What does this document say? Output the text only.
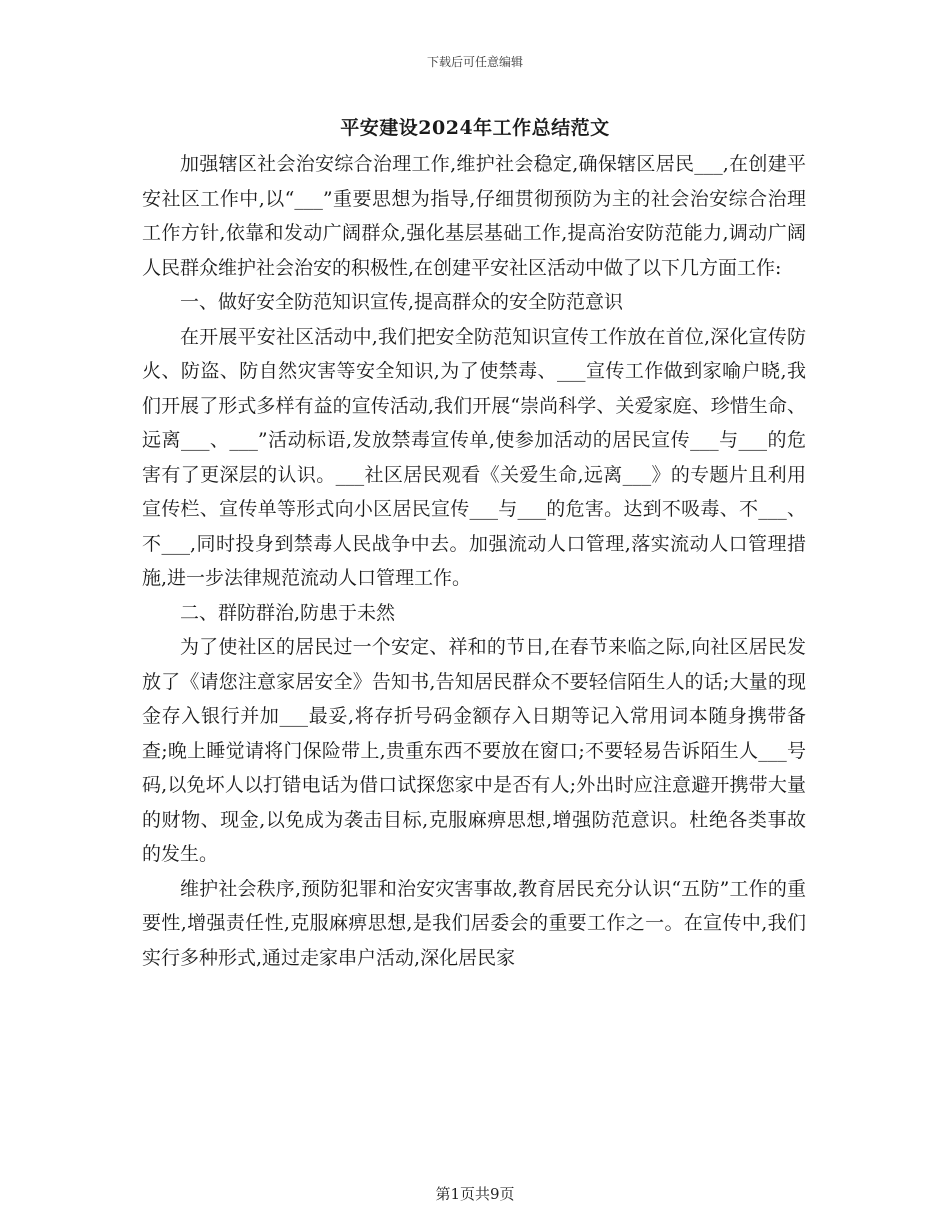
下载后可任意编辑
平安建设2024年工作总结范文

加强辖区社会治安综合治理工作,维护社会稳定,确保辖区居民___,在创建平安社区工作中,以“___”重要思想为指导,仔细贯彻预防为主的社会治安综合治理工作方针,依靠和发动广阔群众,强化基层基础工作,提高治安防范能力,调动广阔人民群众维护社会治安的积极性,在创建平安社区活动中做了以下几方面工作:

一、做好安全防范知识宣传,提高群众的安全防范意识

在开展平安社区活动中,我们把安全防范知识宣传工作放在首位,深化宣传防火、防盗、防自然灾害等安全知识,为了使禁毒、___宣传工作做到家喻户晓,我们开展了形式多样有益的宣传活动,我们开展“崇尚科学、关爱家庭、珍惜生命、远离___、___”活动标语,发放禁毒宣传单,使参加活动的居民宣传___与___的危害有了更深层的认识。___社区居民观看《关爱生命,远离___》的专题片且利用宣传栏、宣传单等形式向小区居民宣传___与___的危害。达到不吸毒、不___、不___,同时投身到禁毒人民战争中去。加强流动人口管理,落实流动人口管理措施,进一步法律规范流动人口管理工作。

二、群防群治,防患于未然

为了使社区的居民过一个安定、祥和的节日,在春节来临之际,向社区居民发放了《请您注意家居安全》告知书,告知居民群众不要轻信陌生人的话;大量的现金存入银行并加___最妥,将存折号码金额存入日期等记入常用词本随身携带备查;晚上睡觉请将门保险带上,贵重东西不要放在窗口;不要轻易告诉陌生人___号码,以免坏人以打错电话为借口试探您家中是否有人;外出时应注意避开携带大量的财物、现金,以免成为袭击目标,克服麻痹思想,增强防范意识。杜绝各类事故的发生。

维护社会秩序,预防犯罪和治安灾害事故,教育居民充分认识“五防”工作的重要性,增强责任性,克服麻痹思想,是我们居委会的重要工作之一。在宣传中,我们实行多种形式,通过走家串户活动,深化居民家

第1页共9页
